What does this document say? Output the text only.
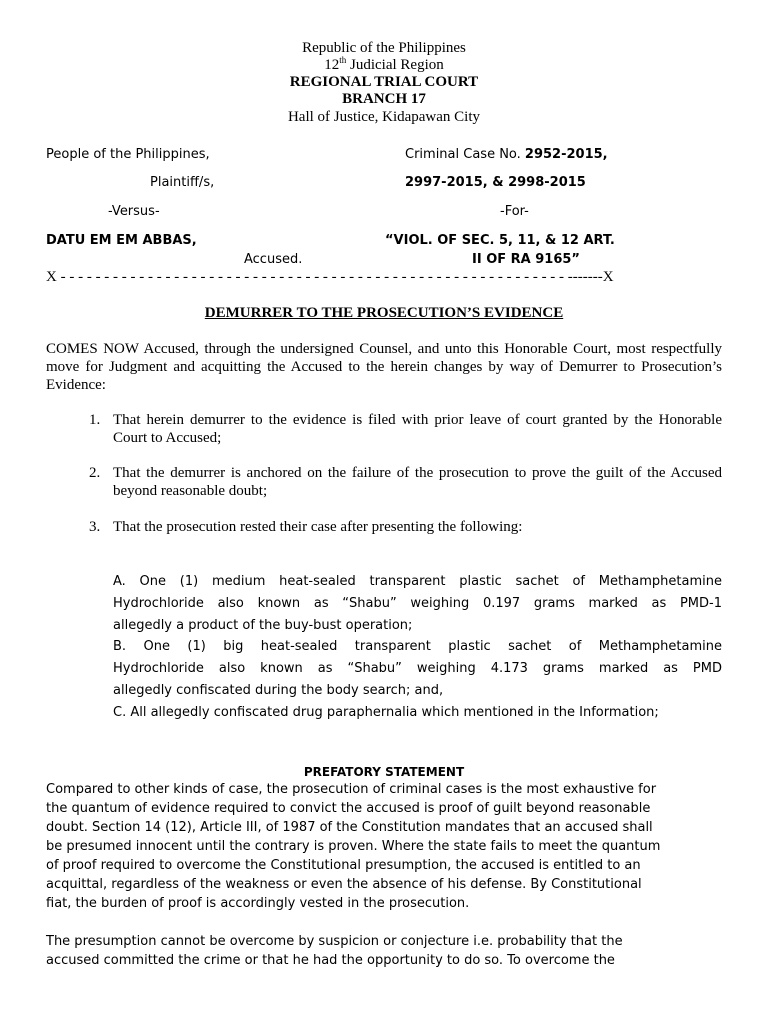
Republic of the Philippines
12th Judicial Region
REGIONAL TRIAL COURT
BRANCH 17
Hall of Justice, Kidapawan City
People of the Philippines,
Plaintiff/s,
-Versus-
DATU EM EM ABBAS,
Accused.
Criminal Case No. 2952-2015,
2997-2015, & 2998-2015
-For-
“VIOL. OF SEC. 5, 11, & 12 ART.
II OF RA 9165”
X - - - - - - - - - - - - - - - - - - - - - - - - - - - - - - - - - - - - - - - - - - - - - - - - - - - - - - - - - - -------X
DEMURRER TO THE PROSECUTION’S EVIDENCE
COMES NOW Accused, through the undersigned Counsel, and unto this Honorable Court, most respectfully move for Judgment and acquitting the Accused to the herein changes by way of Demurrer to Prosecution’s Evidence:
1. That herein demurrer to the evidence is filed with prior leave of court granted by the Honorable Court to Accused;
2. That the demurrer is anchored on the failure of the prosecution to prove the guilt of the Accused beyond reasonable doubt;
3. That the prosecution rested their case after presenting the following:
A. One (1) medium heat-sealed transparent plastic sachet of Methamphetamine
Hydrochloride also known as “Shabu” weighing 0.197 grams marked as PMD-1
allegedly a product of the buy-bust operation;
B. One (1) big heat-sealed transparent plastic sachet of Methamphetamine
Hydrochloride also known as “Shabu” weighing 4.173 grams marked as PMD
allegedly confiscated during the body search; and,
C. All allegedly confiscated drug paraphernalia which mentioned in the Information;
PREFATORY STATEMENT
Compared to other kinds of case, the prosecution of criminal cases is the most exhaustive for
the quantum of evidence required to convict the accused is proof of guilt beyond reasonable
doubt. Section 14 (12), Article III, of 1987 of the Constitution mandates that an accused shall
be presumed innocent until the contrary is proven. Where the state fails to meet the quantum
of proof required to overcome the Constitutional presumption, the accused is entitled to an
acquittal, regardless of the weakness or even the absence of his defense. By Constitutional
fiat, the burden of proof is accordingly vested in the prosecution.
The presumption cannot be overcome by suspicion or conjecture i.e. probability that the
accused committed the crime or that he had the opportunity to do so. To overcome the
